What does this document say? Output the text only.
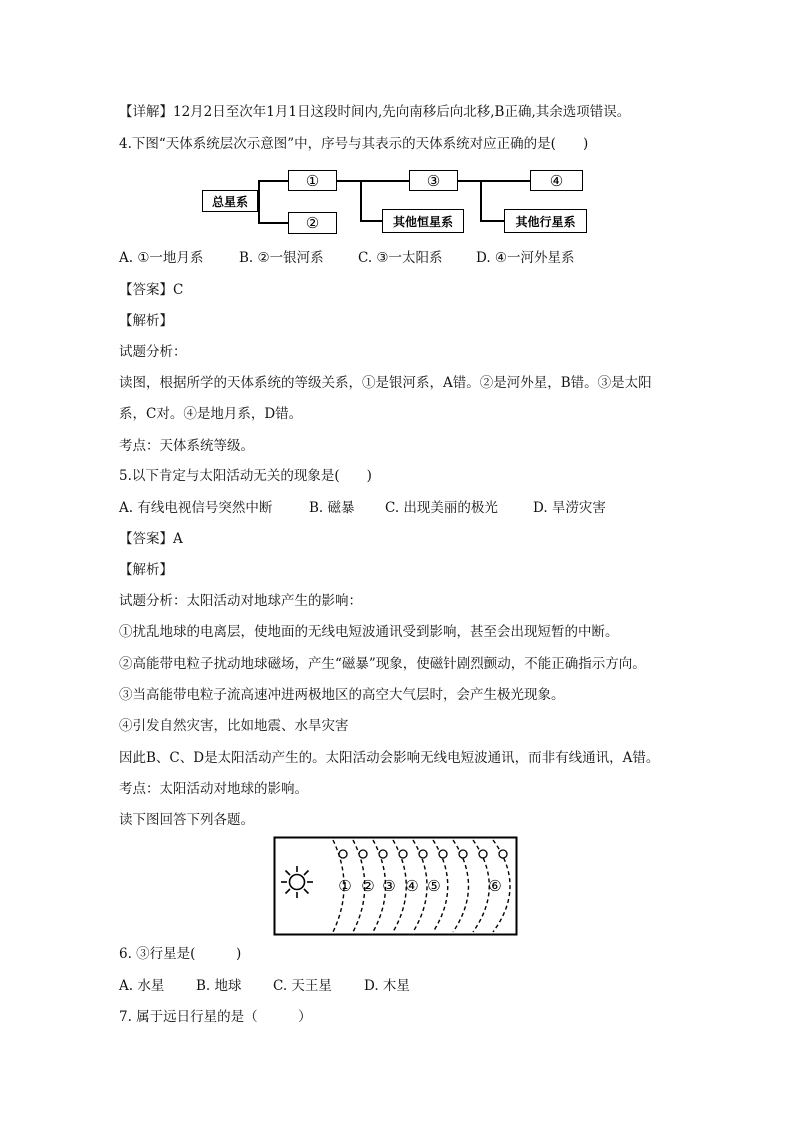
【详解】12月2日至次年1月1日这段时间内,先向南移后向北移,B正确,其余选项错误。
4.下图“天体系统层次示意图”中，序号与其表示的天体系统对应正确的是(　　)
总星系
①
②
③
其他恒星系
④
其他行星系
A. ①一地月系	B. ②一银河系	C. ③一太阳系 D. ④一河外星系
【答案】C
【解析】
试题分析：
读图，根据所学的天体系统的等级关系，①是银河系，A错。②是河外星，B错。③是太阳
系，C对。④是地月系，D错。
考点：天体系统等级。
5.以下肯定与太阳活动无关的现象是(　　)
A. 有线电视信号突然中断	B. 磁暴 C. 出现美丽的极光	D. 旱涝灾害
【答案】A
【解析】
试题分析：太阳活动对地球产生的影响：
①扰乱地球的电离层，使地面的无线电短波通讯受到影响，甚至会出现短暂的中断。
②高能带电粒子扰动地球磁场，产生“磁暴”现象，使磁针剧烈颤动，不能正确指示方向。
③当高能带电粒子流高速冲进两极地区的高空大气层时，会产生极光现象。
④引发自然灾害，比如地震、水旱灾害
因此B、C、D是太阳活动产生的。太阳活动会影响无线电短波通讯，而非有线通讯，A错。
考点：太阳活动对地球的影响。
读下图回答下列各题。
① ② ③ ④ ⑤	⑥
6. ③行星是(　　　)
A. 水星 B. 地球 C. 天王星 D. 木星
7. 属于远日行星的是（　　　）
